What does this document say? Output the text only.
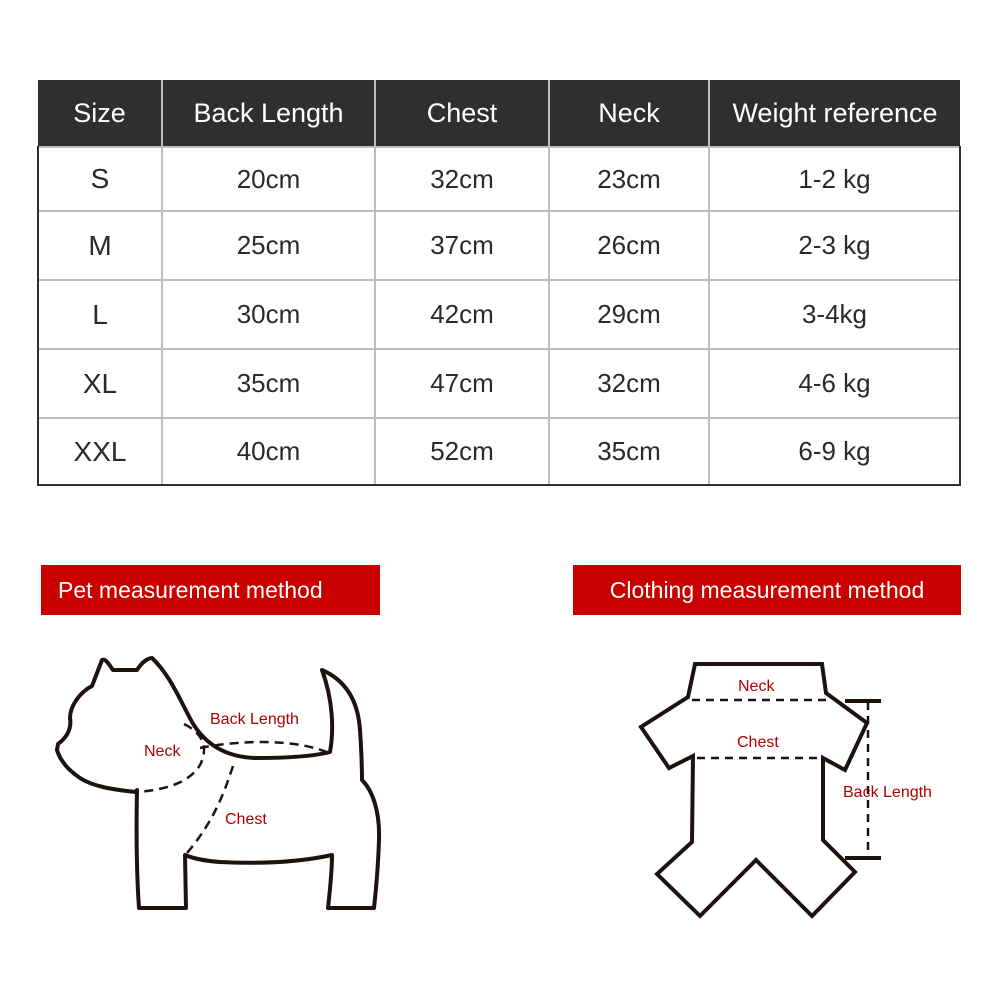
Size	Back Length	Chest	Neck	Weight reference
S	20cm	32cm	23cm	1-2 kg
M	25cm	37cm	26cm	2-3 kg
L	30cm	42cm	29cm	3-4kg
XL	35cm	47cm	32cm	4-6 kg
XXL	40cm	52cm	35cm	6-9 kg
Pet measurement method	Clothing measurement method
Back Length
Neck
Chest
Neck
Chest
Back Length
